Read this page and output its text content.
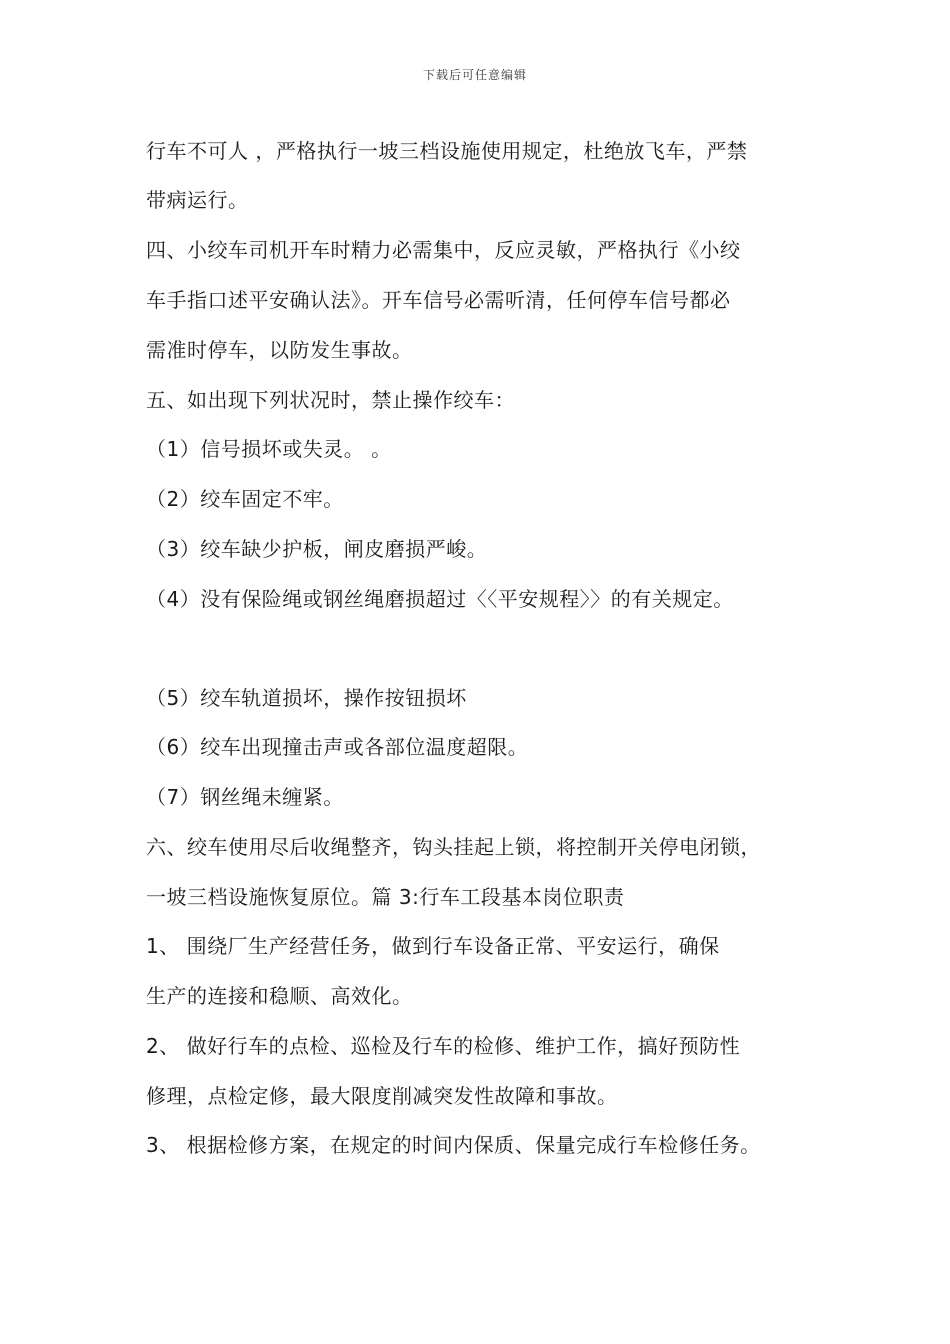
下载后可任意编辑
行车不可人 ，严格执行一坡三档设施使用规定，杜绝放飞车，严禁
带病运行。
四、小绞车司机开车时精力必需集中，反应灵敏，严格执行《小绞
车手指口述平安确认法》。开车信号必需听清，任何停车信号都必
需准时停车，以防发生事故。
五、如出现下列状况时，禁止操作绞车：
（1）信号损坏或失灵。 。
（2）绞车固定不牢。
（3）绞车缺少护板，闸皮磨损严峻。
（4）没有保险绳或钢丝绳磨损超过〈〈平安规程〉〉的有关规定。
（5）绞车轨道损坏，操作按钮损坏
（6）绞车出现撞击声或各部位温度超限。
（7）钢丝绳未缠紧。
六、绞车使用尽后收绳整齐，钩头挂起上锁，将控制开关停电闭锁，
一坡三档设施恢复原位。篇 3:行车工段基本岗位职责
1、 围绕厂生产经营任务，做到行车设备正常、平安运行，确保
生产的连接和稳顺、高效化。
2、 做好行车的点检、巡检及行车的检修、维护工作，搞好预防性
修理，点检定修，最大限度削减突发性故障和事故。
3、 根据检修方案，在规定的时间内保质、保量完成行车检修任务。
